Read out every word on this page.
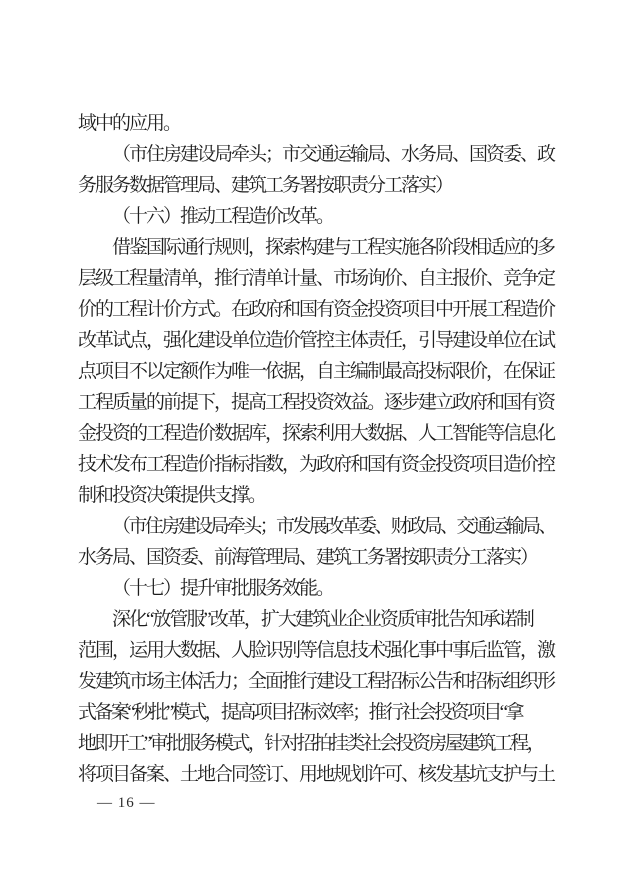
域中的应用。
（市住房建设局牵头；市交通运输局、水务局、国资委、政
务服务数据管理局、建筑工务署按职责分工落实）
（十六）推动工程造价改革。
借鉴国际通行规则，探索构建与工程实施各阶段相适应的多
层级工程量清单，推行清单计量、市场询价、自主报价、竞争定
价的工程计价方式。在政府和国有资金投资项目中开展工程造价
改革试点，强化建设单位造价管控主体责任，引导建设单位在试
点项目不以定额作为唯一依据，自主编制最高投标限价，在保证
工程质量的前提下，提高工程投资效益。逐步建立政府和国有资
金投资的工程造价数据库，探索利用大数据、人工智能等信息化
技术发布工程造价指标指数，为政府和国有资金投资项目造价控
制和投资决策提供支撑。
（市住房建设局牵头；市发展改革委、财政局、交通运输局、
水务局、国资委、前海管理局、建筑工务署按职责分工落实）
（十七）提升审批服务效能。
深化“放管服”改革，扩大建筑业企业资质审批告知承诺制
范围，运用大数据、人脸识别等信息技术强化事中事后监管，激
发建筑市场主体活力；全面推行建设工程招标公告和招标组织形
式备案“秒批”模式，提高项目招标效率；推行社会投资项目“拿
地即开工”审批服务模式，针对招拍挂类社会投资房屋建筑工程，
将项目备案、土地合同签订、用地规划许可、核发基坑支护与土
— 16 —
